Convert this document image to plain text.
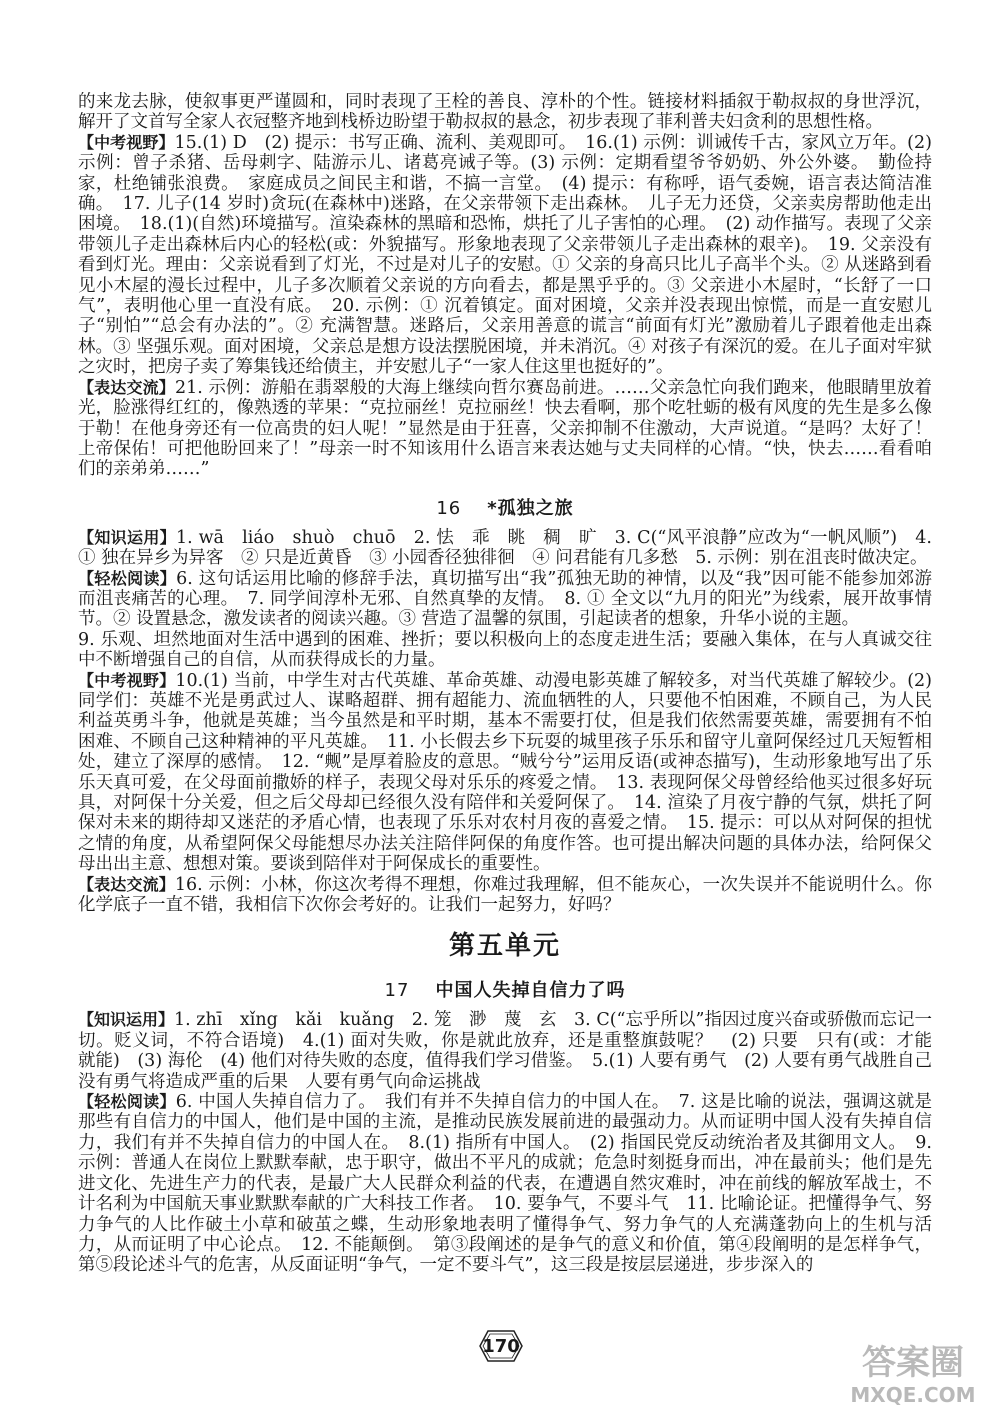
的来龙去脉，使叙事更严谨圆和，同时表现了王栓的善良、淳朴的个性。链接材料插叙于勒叔叔的身世浮沉，解开了文首写全家人衣冠整齐地到栈桥边盼望于勒叔叔的悬念，初步表现了菲利普夫妇贪利的思想性格。

【中考视野】15.(1) D　(2) 提示：书写正确、流利、美观即可。　16.(1) 示例：训诫传千古，家风立万年。(2) 示例：曾子杀猪、岳母刺字、陆游示儿、诸葛亮诫子等。(3) 示例：定期看望爷爷奶奶、外公外婆。　勤俭持家，杜绝铺张浪费。　家庭成员之间民主和谐，不搞一言堂。　(4) 提示：有称呼，语气委婉，语言表达简洁准确。　17. 儿子(14 岁时)贪玩(在森林中)迷路，在父亲带领下走出森林。　儿子无力还贷，父亲卖房帮助他走出困境。　18.(1)(自然)环境描写。渲染森林的黑暗和恐怖，烘托了儿子害怕的心理。　(2) 动作描写。表现了父亲带领儿子走出森林后内心的轻松(或：外貌描写。形象地表现了父亲带领儿子走出森林的艰辛)。　19. 父亲没有看到灯光。理由：父亲说看到了灯光，不过是对儿子的安慰。① 父亲的身高只比儿子高半个头。② 从迷路到看见小木屋的漫长过程中，儿子多次顺着父亲说的方向看去，都是黑乎乎的。③ 父亲进小木屋时，“长舒了一口气”，表明他心里一直没有底。　20. 示例：① 沉着镇定。面对困境，父亲并没表现出惊慌，而是一直安慰儿子“别怕”“总会有办法的”。② 充满智慧。迷路后，父亲用善意的谎言“前面有灯光”激励着儿子跟着他走出森林。③ 坚强乐观。面对困境，父亲总是想方设法摆脱困境，并未消沉。④ 对孩子有深沉的爱。在儿子面对牢狱之灾时，把房子卖了筹集钱还给债主，并安慰儿子“一家人住这里也挺好的”。

【表达交流】21. 示例：游船在翡翠般的大海上继续向哲尔赛岛前进。……父亲急忙向我们跑来，他眼睛里放着光，脸涨得红红的，像熟透的苹果：“克拉丽丝！克拉丽丝！快去看啊，那个吃牡蛎的极有风度的先生是多么像于勒！在他身旁还有一位高贵的妇人呢！”显然是由于狂喜，父亲抑制不住激动，大声说道。“是吗？太好了！上帝保佑！可把他盼回来了！”母亲一时不知该用什么语言来表达她与丈夫同样的心情。“快，快去……看看咱们的亲弟弟……”

16 *孤独之旅

【知识运用】1. wā　liáo　shuò　chuō　2. 怯　乖　眺　稠　旷　3. C(“风平浪静”应改为“一帆风顺”)　4. ① 独在异乡为异客　② 只是近黄昏　③ 小园香径独徘徊　④ 问君能有几多愁　5. 示例：别在沮丧时做决定。

【轻松阅读】6. 这句话运用比喻的修辞手法，真切描写出“我”孤独无助的神情，以及“我”因可能不能参加郊游而沮丧痛苦的心理。　7. 同学间淳朴无邪、自然真挚的友情。　8. ① 全文以“九月的阳光”为线索，展开故事情节。② 设置悬念，激发读者的阅读兴趣。③ 营造了温馨的氛围，引起读者的想象，升华小说的主题。

9. 乐观、坦然地面对生活中遇到的困难、挫折；要以积极向上的态度走进生活；要融入集体，在与人真诚交往中不断增强自己的自信，从而获得成长的力量。

【中考视野】10.(1) 当前，中学生对古代英雄、革命英雄、动漫电影英雄了解较多，对当代英雄了解较少。(2) 同学们：英雄不光是勇武过人、谋略超群、拥有超能力、流血牺牲的人，只要他不怕困难，不顾自己，为人民利益英勇斗争，他就是英雄；当今虽然是和平时期，基本不需要打仗，但是我们依然需要英雄，需要拥有不怕困难、不顾自己这种精神的平凡英雄。　11. 小长假去乡下玩耍的城里孩子乐乐和留守儿童阿保经过几天短暂相处，建立了深厚的感情。　12. “觍”是厚着脸皮的意思。“贼兮兮”运用反语(或神态描写)，生动形象地写出了乐乐天真可爱，在父母面前撒娇的样子，表现父母对乐乐的疼爱之情。　13. 表现阿保父母曾经给他买过很多好玩具，对阿保十分关爱，但之后父母却已经很久没有陪伴和关爱阿保了。　14. 渲染了月夜宁静的气氛，烘托了阿保对未来的期待却又迷茫的矛盾心情，也表现了乐乐对农村月夜的喜爱之情。　15. 提示：可以从对阿保的担忧之情的角度，从希望阿保父母能想尽办法关注陪伴阿保的角度作答。也可提出解决问题的具体办法，给阿保父母出出主意、想想对策。要谈到陪伴对于阿保成长的重要性。

【表达交流】16. 示例：小林，你这次考得不理想，你难过我理解，但不能灰心，一次失误并不能说明什么。你化学底子一直不错，我相信下次你会考好的。让我们一起努力，好吗？

第五单元
17 中国人失掉自信力了吗

【知识运用】1. zhī　xǐng　kǎi　kuǎng　2. 笼　渺　蔑　玄　3. C(“忘乎所以”指因过度兴奋或骄傲而忘记一切。贬义词，不符合语境)　4.(1) 面对失败，你是就此放弃，还是重整旗鼓呢？　(2) 只要　只有(或：才能　就能)　(3) 海伦　(4) 他们对待失败的态度，值得我们学习借鉴。　5.(1) 人要有勇气　(2) 人要有勇气战胜自己　没有勇气将造成严重的后果　人要有勇气向命运挑战

【轻松阅读】6. 中国人失掉自信力了。　我们有并不失掉自信力的中国人在。　7. 这是比喻的说法，强调这就是那些有自信力的中国人，他们是中国的主流，是推动民族发展前进的最强动力。从而证明中国人没有失掉自信力，我们有并不失掉自信力的中国人在。　8.(1) 指所有中国人。　(2) 指国民党反动统治者及其御用文人。　9. 示例：普通人在岗位上默默奉献，忠于职守，做出不平凡的成就；危急时刻挺身而出，冲在最前头；他们是先进文化、先进生产力的代表，是最广大人民群众利益的代表，在遭遇自然灾难时，冲在前线的解放军战士，不计名利为中国航天事业默默奉献的广大科技工作者。　10. 要争气，不要斗气　11. 比喻论证。把懂得争气、努力争气的人比作破土小草和破茧之蝶，生动形象地表明了懂得争气、努力争气的人充满蓬勃向上的生机与活力，从而证明了中心论点。　12. 不能颠倒。　第③段阐述的是争气的意义和价值，第④段阐明的是怎样争气，第⑤段论述斗气的危害，从反面证明“争气，一定不要斗气”，这三段是按层层递进，步步深入的

170	答案圈
MXQE.COM
